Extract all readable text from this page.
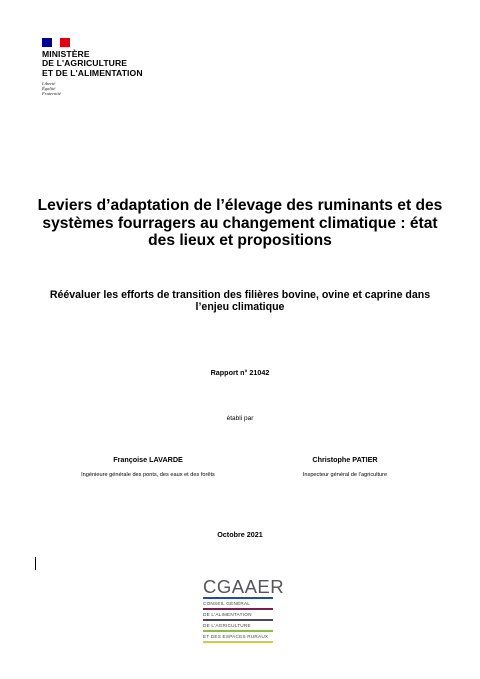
MINISTÈRE
DE L'AGRICULTURE
ET DE L'ALIMENTATION
Liberté
Égalité
Fraternité
Leviers d’adaptation de l’élevage des ruminants et des systèmes fourragers au changement climatique : état des lieux et propositions
Réévaluer les efforts de transition des filières bovine, ovine et caprine dans l’enjeu climatique
Rapport n° 21042
établi par
Françoise LAVARDE
Ingénieure générale des ponts, des eaux et des forêts
Christophe PATIER
Inspecteur général de l’agriculture
Octobre 2021
CGAAER
CONSEIL GÉNÉRAL
DE L'ALIMENTATION
DE L'AGRICULTURE
ET DES ESPACES RURAUX
